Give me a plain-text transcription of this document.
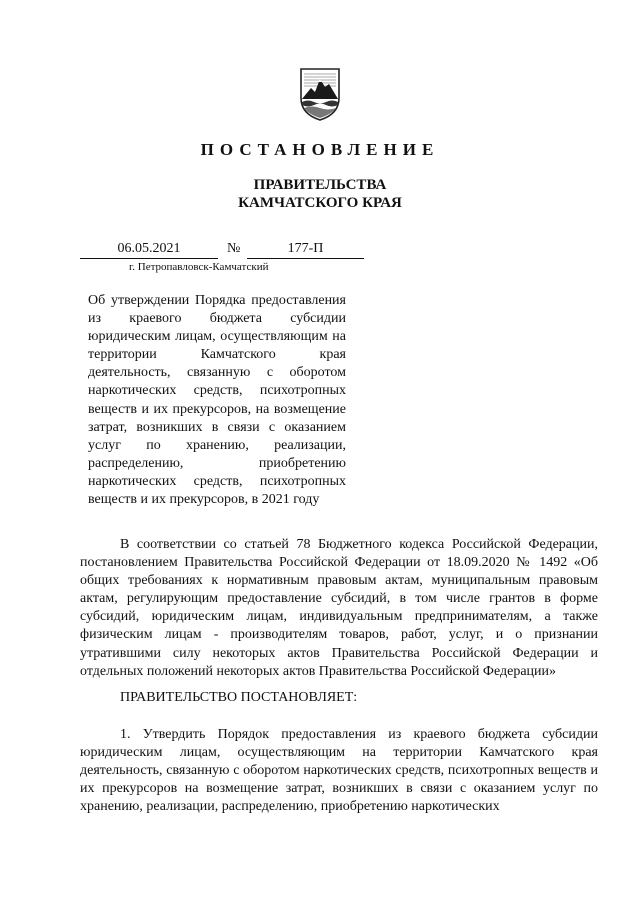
ПОСТАНОВЛЕНИЕ
ПРАВИТЕЛЬСТВА
КАМЧАТСКОГО КРАЯ
06.05.2021	№	177-П
г. Петропавловск-Камчатский
Об утверждении Порядка предоставления из краевого бюджета субсидии юридическим лицам, осуществляющим на территории Камчатского края деятельность, связанную с оборотом наркотических средств, психотропных веществ и их прекурсоров, на возмещение затрат, возникших в связи с оказанием услуг по хранению, реализации, распределению, приобретению наркотических средств, психотропных веществ и их прекурсоров, в 2021 году

В соответствии со статьей 78 Бюджетного кодекса Российской Федерации, постановлением Правительства Российской Федерации от 18.09.2020 № 1492 «Об общих требованиях к нормативным правовым актам, муниципальным правовым актам, регулирующим предоставление субсидий, в том числе грантов в форме субсидий, юридическим лицам, индивидуальным предпринимателям, а также физическим лицам - производителям товаров, работ, услуг, и о признании утратившими силу некоторых актов Правительства Российской Федерации и отдельных положений некоторых актов Правительства Российской Федерации»

ПРАВИТЕЛЬСТВО ПОСТАНОВЛЯЕТ:

1. Утвердить Порядок предоставления из краевого бюджета субсидии юридическим лицам, осуществляющим на территории Камчатского края деятельность, связанную с оборотом наркотических средств, психотропных веществ и их прекурсоров на возмещение затрат, возникших в связи с оказанием услуг по хранению, реализации, распределению, приобретению наркотических
